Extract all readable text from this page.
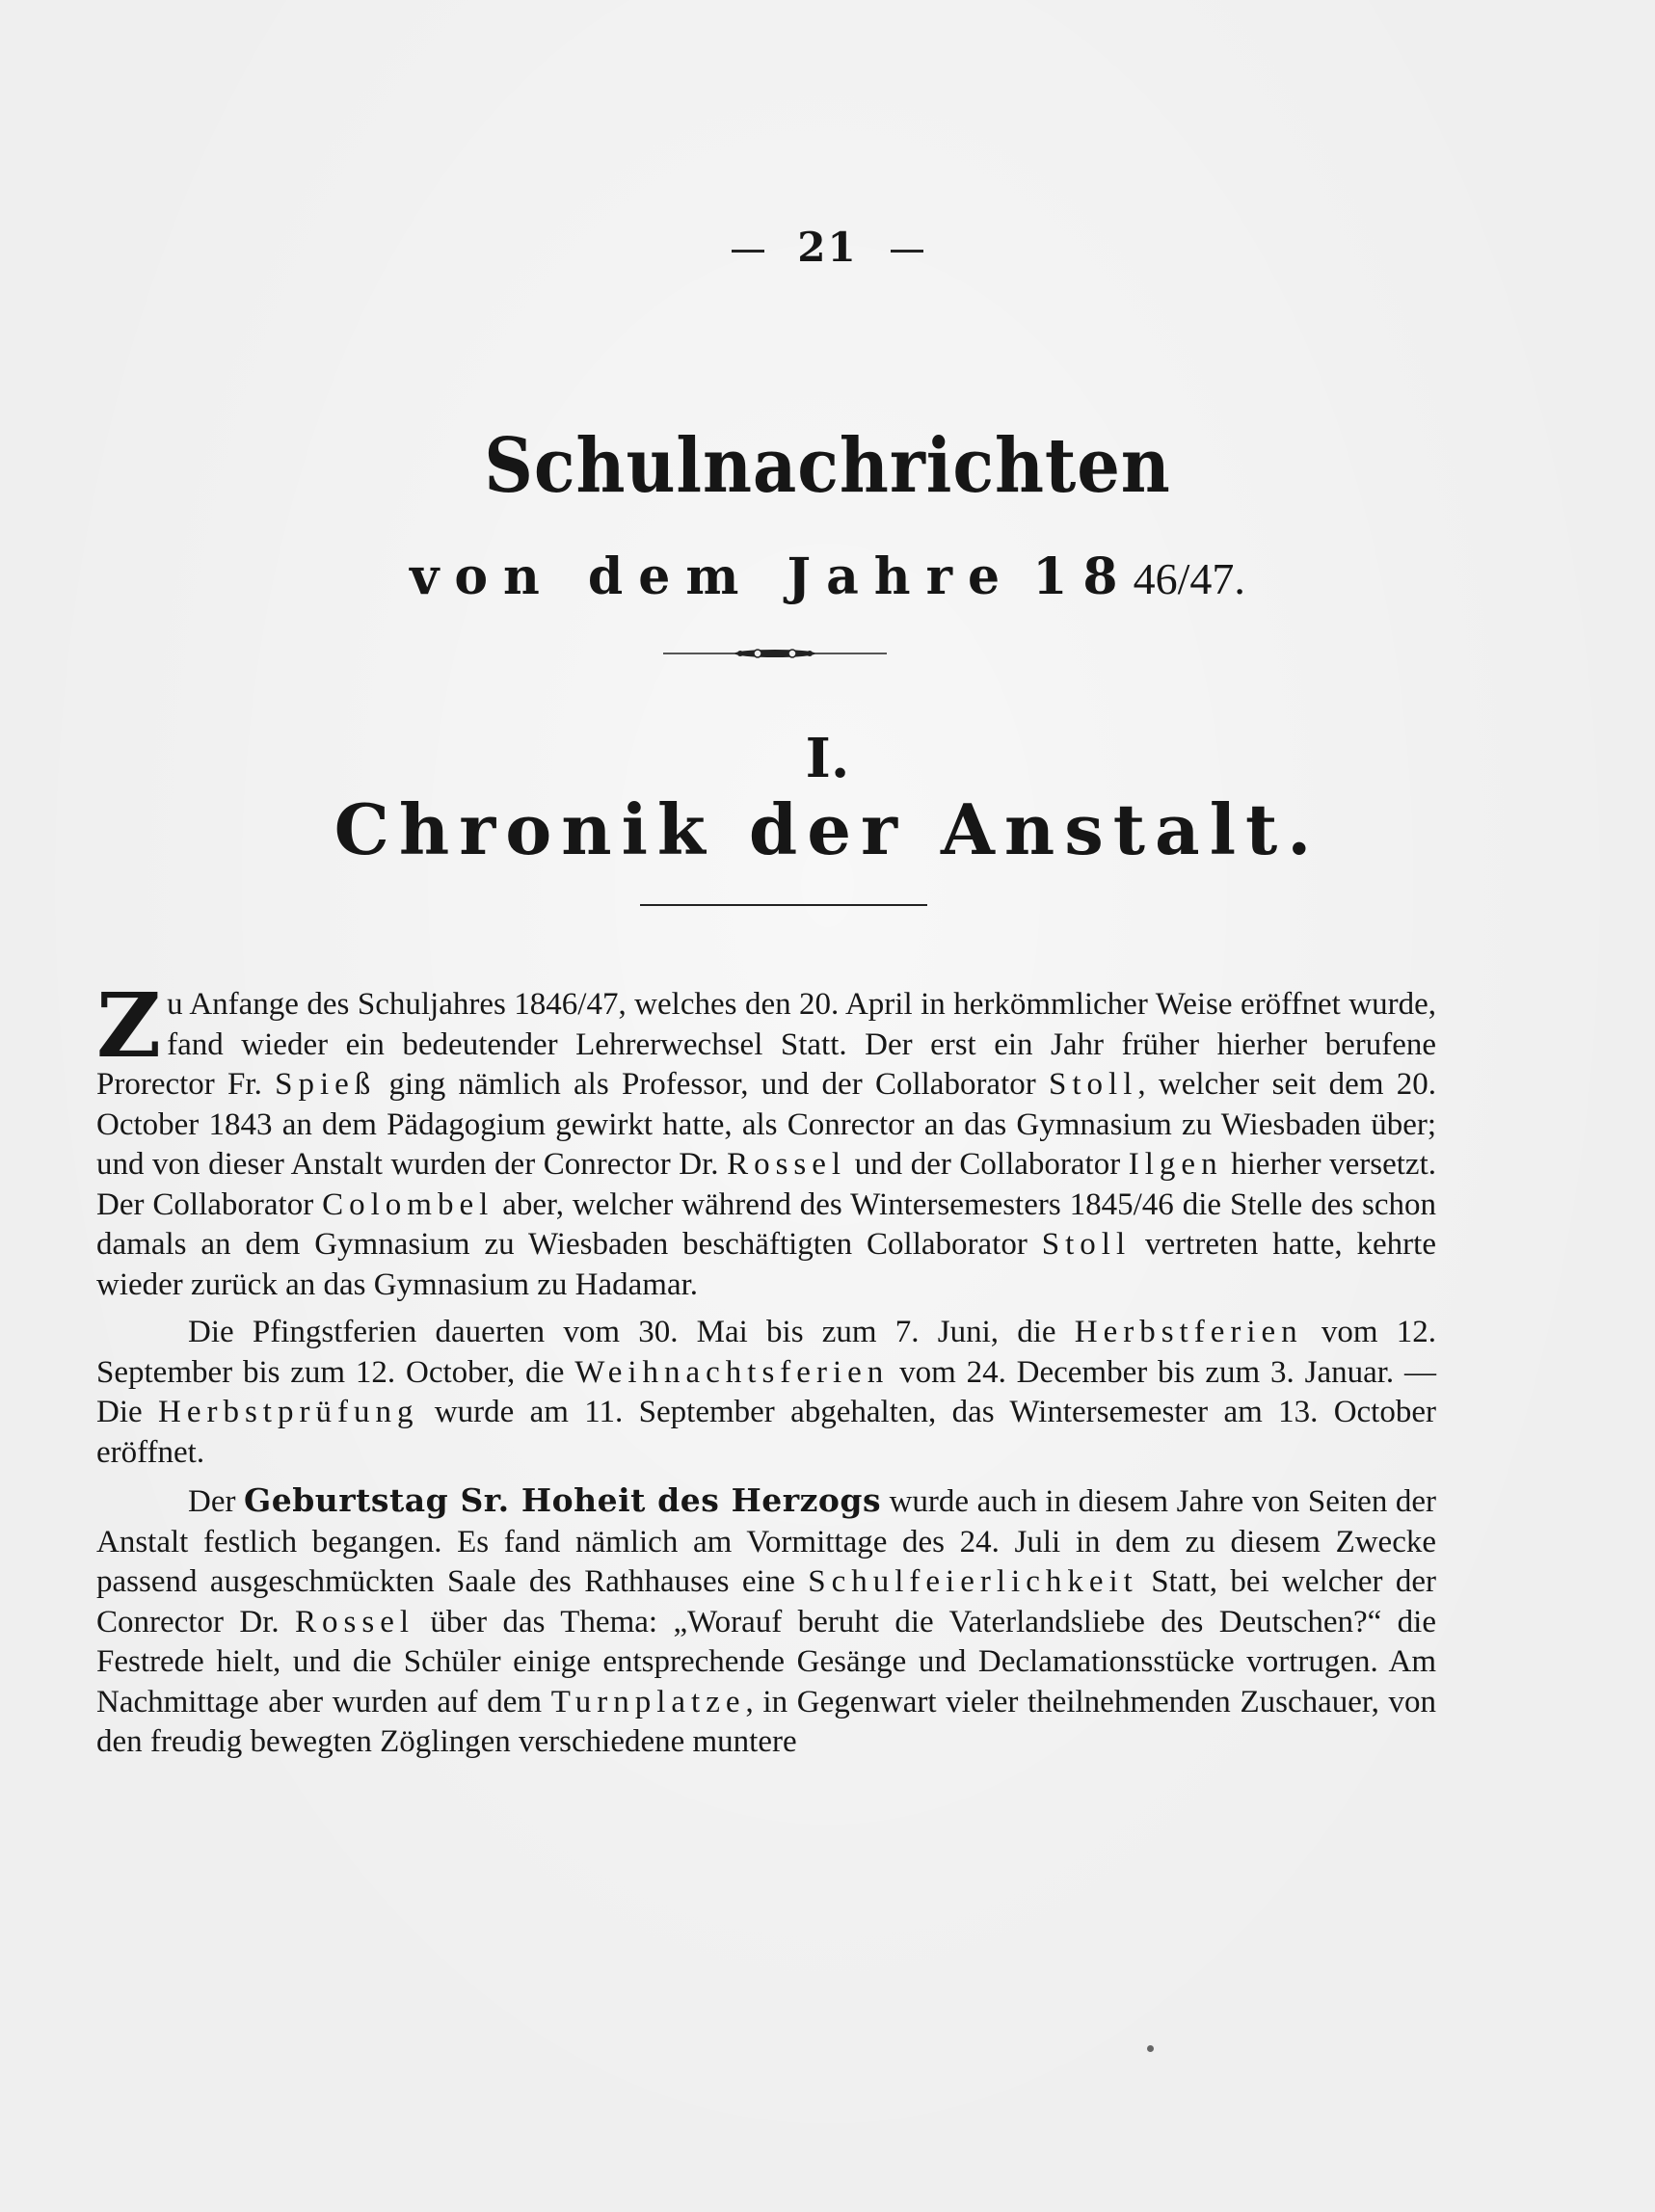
21
Schulnachrichten
von dem Jahre 1846/47.
I.
Chronik der Anstalt.

Zu Anfange des Schuljahres 1846/47, welches den 20. April in herkömmlicher Weise eröffnet wurde, fand wieder ein bedeutender Lehrerwechsel Statt. Der erst ein Jahr früher hierher berufene Prorector Fr. Spieß ging nämlich als Professor, und der Collaborator Stoll, welcher seit dem 20. October 1843 an dem Pädagogium gewirkt hatte, als Conrector an das Gymnasium zu Wiesbaden über; und von dieser Anstalt wurden der Conrector Dr. Rossel und der Collaborator Ilgen hierher versetzt. Der Collaborator Colombel aber, welcher während des Wintersemesters 1845/46 die Stelle des schon damals an dem Gymnasium zu Wiesbaden beschäftigten Collaborator Stoll vertreten hatte, kehrte wieder zurück an das Gymnasium zu Hadamar.

Die Pfingstferien dauerten vom 30. Mai bis zum 7. Juni, die Herbstferien vom 12. September bis zum 12. October, die Weihnachtsferien vom 24. December bis zum 3. Januar. — Die Herbstprüfung wurde am 11. September abgehalten, das Wintersemester am 13. October eröffnet.

Der Geburtstag Sr. Hoheit des Herzogs wurde auch in diesem Jahre von Seiten der Anstalt festlich begangen. Es fand nämlich am Vormittage des 24. Juli in dem zu diesem Zwecke passend ausgeschmückten Saale des Rathhauses eine Schulfeierlichkeit Statt, bei welcher der Conrector Dr. Rossel über das Thema: „Worauf beruht die Vaterlandsliebe des Deutschen?“ die Festrede hielt, und die Schüler einige entsprechende Gesänge und Declamationsstücke vortrugen. Am Nachmittage aber wurden auf dem Turnplatze, in Gegenwart vieler theilnehmenden Zuschauer, von den freudig bewegten Zöglingen verschiedene muntere
